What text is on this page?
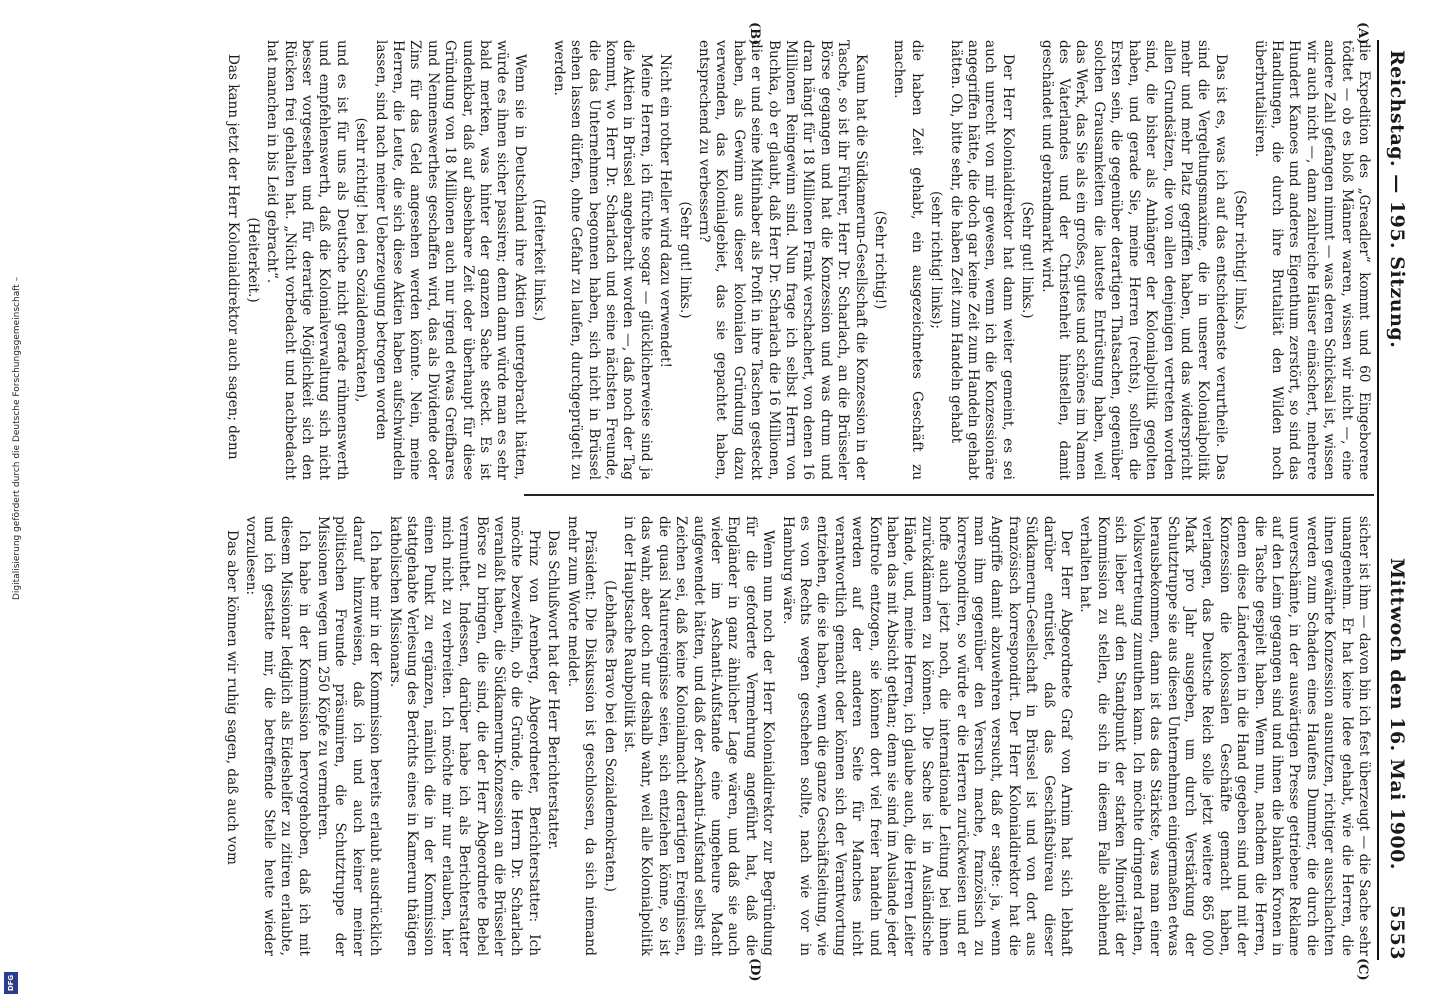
Reichstag. — 195. Sitzung.
Mittwoch den 16. Mai 1900.
5553
(A)
(B)
(C)
(D)

die Expedition des „Greadler“ kommt und 60 Eingeborene tödtet — ob es bloß Männer waren, wissen wir nicht —, eine andere Zahl gefangen nimmt — was deren Schicksal ist, wissen wir auch nicht —, dann zahlreiche Häuser einäschert, mehrere Hundert Kanoes und anderes Eigenthum zerstört, so sind das Handlungen, die durch ihre Brutalität den Wilden noch überbrutalisiren.

(Sehr richtig! links.)

Das ist es, was ich auf das entschiedenste verurtheile. Das sind die Vergeltungsmaxime, die in unserer Kolonialpolitik mehr und mehr Platz gegriffen haben, und das widerspricht allen Grundsätzen, die von allen denjenigen vertreten worden sind, die bisher als Anhänger der Kolonialpolitik gegolten haben, und gerade Sie, meine Herren (rechts), sollten die Ersten sein, die gegenüber derartigen Thatsachen, gegenüber solchen Grausamkeiten die lauteste Entrüstung haben, weil das Werk, das Sie als ein großes, gutes und schönes im Namen des Vaterlandes und der Christenheit hinstellen, damit geschändet und gebrandmarkt wird.

(Sehr gut! links.)

Der Herr Kolonialdirektor hat dann weiter gemeint, es sei auch unrecht von mir gewesen, wenn ich die Konzessionäre angegriffen hätte, die doch gar keine Zeit zum Handeln gehabt hätten. Oh, bitte sehr, die haben Zeit zum Handeln gehabt

(sehr richtig! links);

die haben Zeit gehabt, ein ausgezeichnetes Geschäft zu machen.

(Sehr richtig!)

Kaum hat die Südkamerun-Gesellschaft die Konzession in der Tasche, so ist ihr Führer, Herr Dr. Scharlach, an die Brüsseler Börse gegangen und hat die Konzession und was drum und dran hängt für 18 Millionen Frank verschachert, von denen 16 Millionen Reingewinn sind. Nun frage ich selbst Herrn von Buchka, ob er glaubt, daß Herr Dr. Scharlach die 16 Millionen, die er und seine Mitinhaber als Profit in ihre Taschen gesteckt haben, als Gewinn aus dieser kolonialen Gründung dazu verwenden, das Kolonialgebiet, das sie gepachtet haben, entsprechend zu verbessern?

(Sehr gut! links.)

Nicht ein rother Heller wird dazu verwendet!

Meine Herren, ich fürchte sogar — glücklicherweise sind ja die Aktien in Brüssel angebracht worden —, daß noch der Tag kommt, wo Herr Dr. Scharlach und seine nächsten Freunde, die das Unternehmen begonnen haben, sich nicht in Brüssel sehen lassen dürfen, ohne Gefahr zu laufen, durchgeprügelt zu werden.

(Heiterkeit links.)

Wenn sie in Deutschland ihre Aktien untergebracht hätten, würde es ihnen sicher passiren; denn dann würde man es sehr bald merken, was hinter der ganzen Sache steckt. Es ist undenkbar, daß auf absehbare Zeit oder überhaupt für diese Gründung von 18 Millionen auch nur irgend etwas Greifbares und Nennenswerthes geschaffen wird, das als Dividende oder Zins für das Geld angesehen werden könnte. Nein, meine Herren, die Leute, die sich diese Aktien haben aufschwindeln lassen, sind nach meiner Ueberzeugung betrogen worden

(sehr richtig! bei den Sozialdemokraten),

und es ist für uns als Deutsche nicht gerade rühmenswerth und empfehlenswerth, daß die Kolonialverwaltung sich nicht besser vorgesehen und für derartige Möglichkeit sich den Rücken frei gehalten hat. „Nicht vorbedacht und nachbedacht hat manchen in bis Leid gebracht“.

(Heiterkeit.)

Das kann jetzt der Herr Kolonialdirektor auch sagen; denn

sicher ist ihm — davon bin ich fest überzeugt — die Sache sehr unangenehm. Er hat keine Idee gehabt, wie die Herren, die ihnen gewährte Konzession ausnutzen, richtiger ausschlachten werden zum Schaden eines Haufens Dummer, die durch die unverschämte, in der auswärtigen Presse getriebene Reklame auf den Leim gegangen sind und ihnen die blanken Kronen in die Tasche gespielt haben. Wenn nun, nachdem die Herren, denen diese Ländereien in die Hand gegeben sind und mit der Konzession die kolossalen Geschäfte gemacht haben, verlangen, das Deutsche Reich solle jetzt weitere 865 000 Mark pro Jahr ausgeben, um durch Verstärkung der Schutztruppe sie aus diesen Unternehmen einigermaßen etwas herausbekommen, dann ist das das Stärkste, was man einer Volksvertretung zumuthen kann. Ich möchte dringend rathen, sich lieber auf den Standpunkt der starken Minorität der Kommission zu stellen, die sich in diesem Falle ablehnend verhalten hat.

Der Herr Abgeordnete Graf von Arnim hat sich lebhaft darüber entrüstet, daß das Geschäftsbüreau dieser Südkamerun-Gesellschaft in Brüssel ist und von dort aus französisch korrespondirt. Der Herr Kolonialdirektor hat die Angriffe damit abzuwehren versucht, daß er sagte: ja, wenn man ihm gegenüber den Versuch mache, französisch zu korrespondiren, so würde er die Herren zurückweisen und er hoffe auch jetzt noch, die internationale Leitung bei ihnen zurückdämmen zu können. Die Sache ist in Ausländische Hände, und, meine Herren, ich glaube auch, die Herren Leiter haben das mit Absicht gethan; denn sie sind im Auslande jeder Kontrole entzogen, sie können dort viel freier handeln und werden auf der anderen Seite für Manches nicht verantwortlich gemacht oder können sich der Verantwortung entziehen, die sie haben, wenn die ganze Geschäftsleitung, wie es von Rechts wegen geschehen sollte, nach wie vor in Hamburg wäre.

Wenn nun noch der Herr Kolonialdirektor zur Begründung für die geforderte Vermehrung angeführt hat, daß die Engländer in ganz ähnlicher Lage wären, und daß sie auch wieder im Aschanti-Aufstande eine ungeheure Macht aufgewendet hätten, und daß der Aschanti-Aufstand selbst ein Zeichen sei, daß keine Kolonialmacht derartigen Ereignissen, die quasi Naturereignisse seien, sich entziehen könne, so ist das wahr, aber doch nur deshalb wahr, weil alle Kolonialpolitik in der Hauptsache Raubpolitik ist.

(Lebhaftes Bravo bei den Sozialdemokraten.)

Präsident: Die Diskussion ist geschlossen, da sich niemand mehr zum Worte meldet.

Das Schlußwort hat der Herr Berichterstatter.

Prinz von Arenberg, Abgeordneter, Berichterstatter: Ich möchte bezweifeln, ob die Gründe, die Herrn Dr. Scharlach veranlaßt haben, die Südkamerun-Konzession an die Brüsseler Börse zu bringen, die sind, die der Herr Abgeordnete Bebel vermuthet. Indessen, darüber habe ich als Berichterstatter mich nicht zu verbreiten. Ich möchte mir nur erlauben, hier einen Punkt zu ergänzen, nämlich die in der Kommission stattgehabte Verlesung des Berichts eines in Kamerun thätigen katholischen Missionars.

Ich habe mir in der Kommission bereits erlaubt ausdrücklich darauf hinzuweisen, daß ich und auch keiner meiner politischen Freunde präsumiren, die Schutztruppe der Missionen wegen um 250 Köpfe zu vermehren.

Ich habe in der Kommission hervorgehoben, daß ich mit diesem Missionar lediglich als Eideshelfer zu zitiren erlaubte, und ich gestatte mir, die betreffende Stelle heute wieder vorzulesen:

Das aber können wir ruhig sagen, daß auch vom

Digitalisierung gefördert durch die Deutsche Forschungsgemeinschaft –
DFG
